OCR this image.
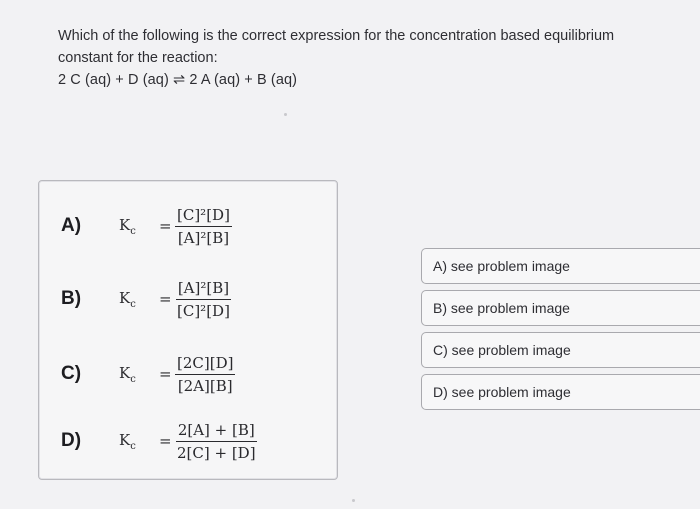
Which of the following is the correct expression for the concentration based equilibrium

constant for the reaction:

2 C (aq) + D (aq) ⇌ 2 A (aq) + B (aq)

A)	$K_c$	= $\frac{\text{[C]²[D]}}{\text{[A]²[B]}}$
B)	$K_c$	= $\frac{\text{[A]²[B]}}{\text{[C]²[D]}}$
C)	$K_c$	= $\frac{[2C][D]}{[2A][B]}$
D)	$K_c$	= $\frac{2[A] + [B]}{2[C] + [D]}$
A) see problem image
B) see problem image
C) see problem image
D) see problem image
